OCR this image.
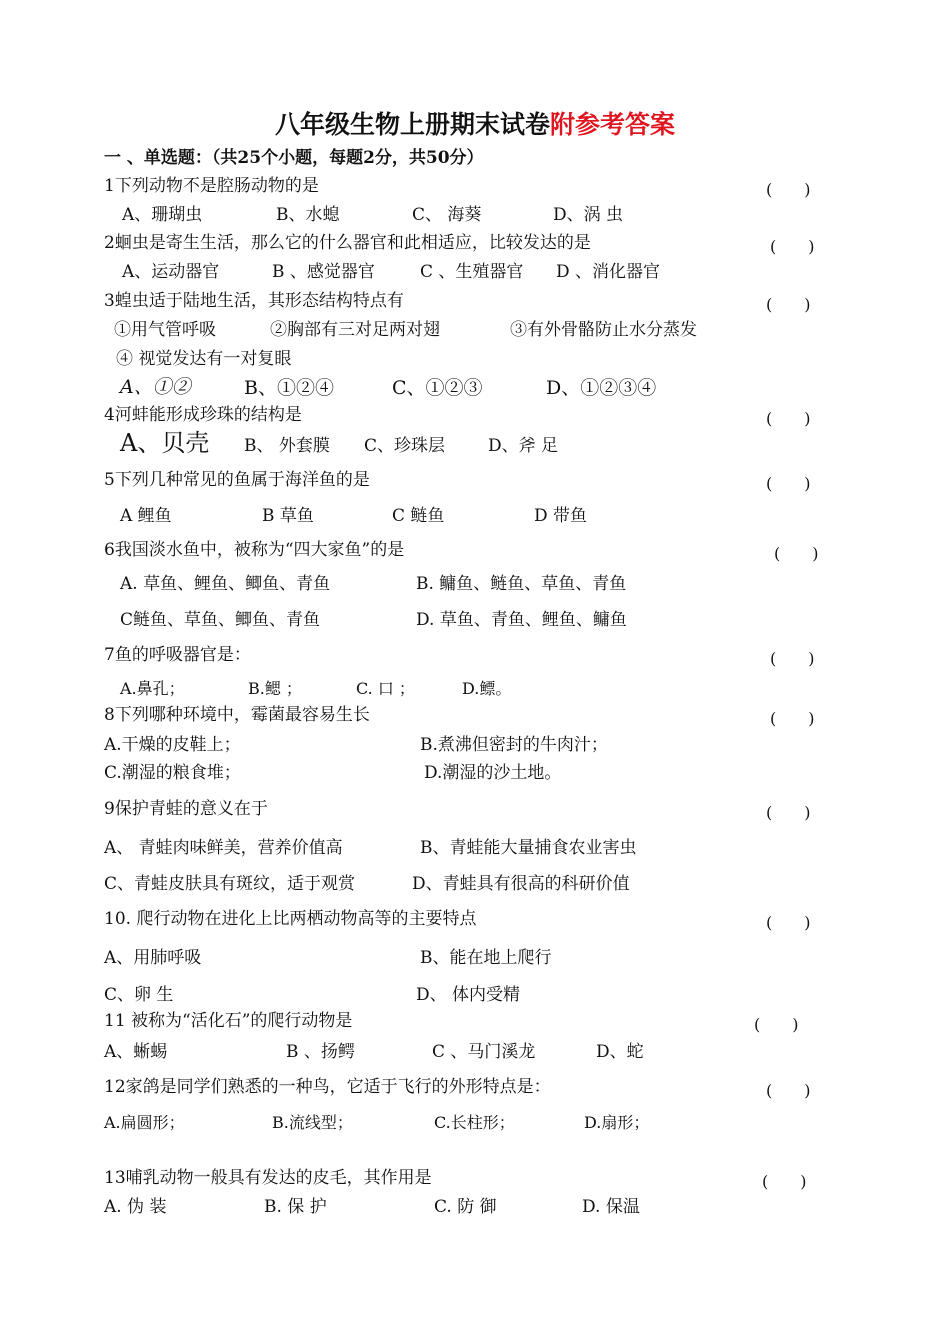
八年级生物上册期末试卷附参考答案
一 、单选题：（共25个小题，每题2分，共50分）
1下列动物不是腔肠动物的是	(　　)
A、珊瑚虫	B、水螅	C、 海葵	D、涡 虫
2蛔虫是寄生生活，那么它的什么器官和此相适应，比较发达的是	(　　)
A、运动器官	B 、感觉器官	C 、生殖器官 D 、消化器官
3蝗虫适于陆地生活，其形态结构特点有	(　　)
①用气管呼吸	②胸部有三对足两对翅	③有外骨骼防止水分蒸发
④ 视觉发达有一对复眼
A、①②	B、①②④	C、①②③	D、①②③④
4河蚌能形成珍珠的结构是	(　　)
A、贝壳 B、 外套膜 C、珍珠层	D、斧 足
5下列几种常见的鱼属于海洋鱼的是	(　　)
A 鲤鱼	B 草鱼	C 鲢鱼	D 带鱼
6我国淡水鱼中，被称为“四大家鱼”的是	(　　)
A. 草鱼、鲤鱼、鲫鱼、青鱼	B. 鳙鱼、鲢鱼、草鱼、青鱼
C鲢鱼、草鱼、鲫鱼、青鱼	D. 草鱼、青鱼、鲤鱼、鳙鱼
7鱼的呼吸器官是：	(　　)
A.鼻孔；	B.鳃 ；	C. 口 ；	D.鳔。
8下列哪种环境中，霉菌最容易生长	(　　)
A.干燥的皮鞋上；	B.煮沸但密封的牛肉汁；
C.潮湿的粮食堆；	D.潮湿的沙土地。
9保护青蛙的意义在于	(　　)
A、 青蛙肉味鲜美，营养价值高	B、青蛙能大量捕食农业害虫
C、青蛙皮肤具有斑纹，适于观赏	D、青蛙具有很高的科研价值
10. 爬行动物在进化上比两栖动物高等的主要特点	(　　)
A、用肺呼吸	B、能在地上爬行
C、卵 生	D、 体内受精
11 被称为“活化石”的爬行动物是	(　　)
A、蜥蜴	B 、扬鳄	C 、马门溪龙	D、蛇
12家鸽是同学们熟悉的一种鸟，它适于飞行的外形特点是：	(　　)
A.扁圆形；	B.流线型；	C.长柱形；	D.扇形；
13哺乳动物一般具有发达的皮毛，其作用是	(　　)
A. 伪 装	B. 保 护	C. 防 御	D. 保温
